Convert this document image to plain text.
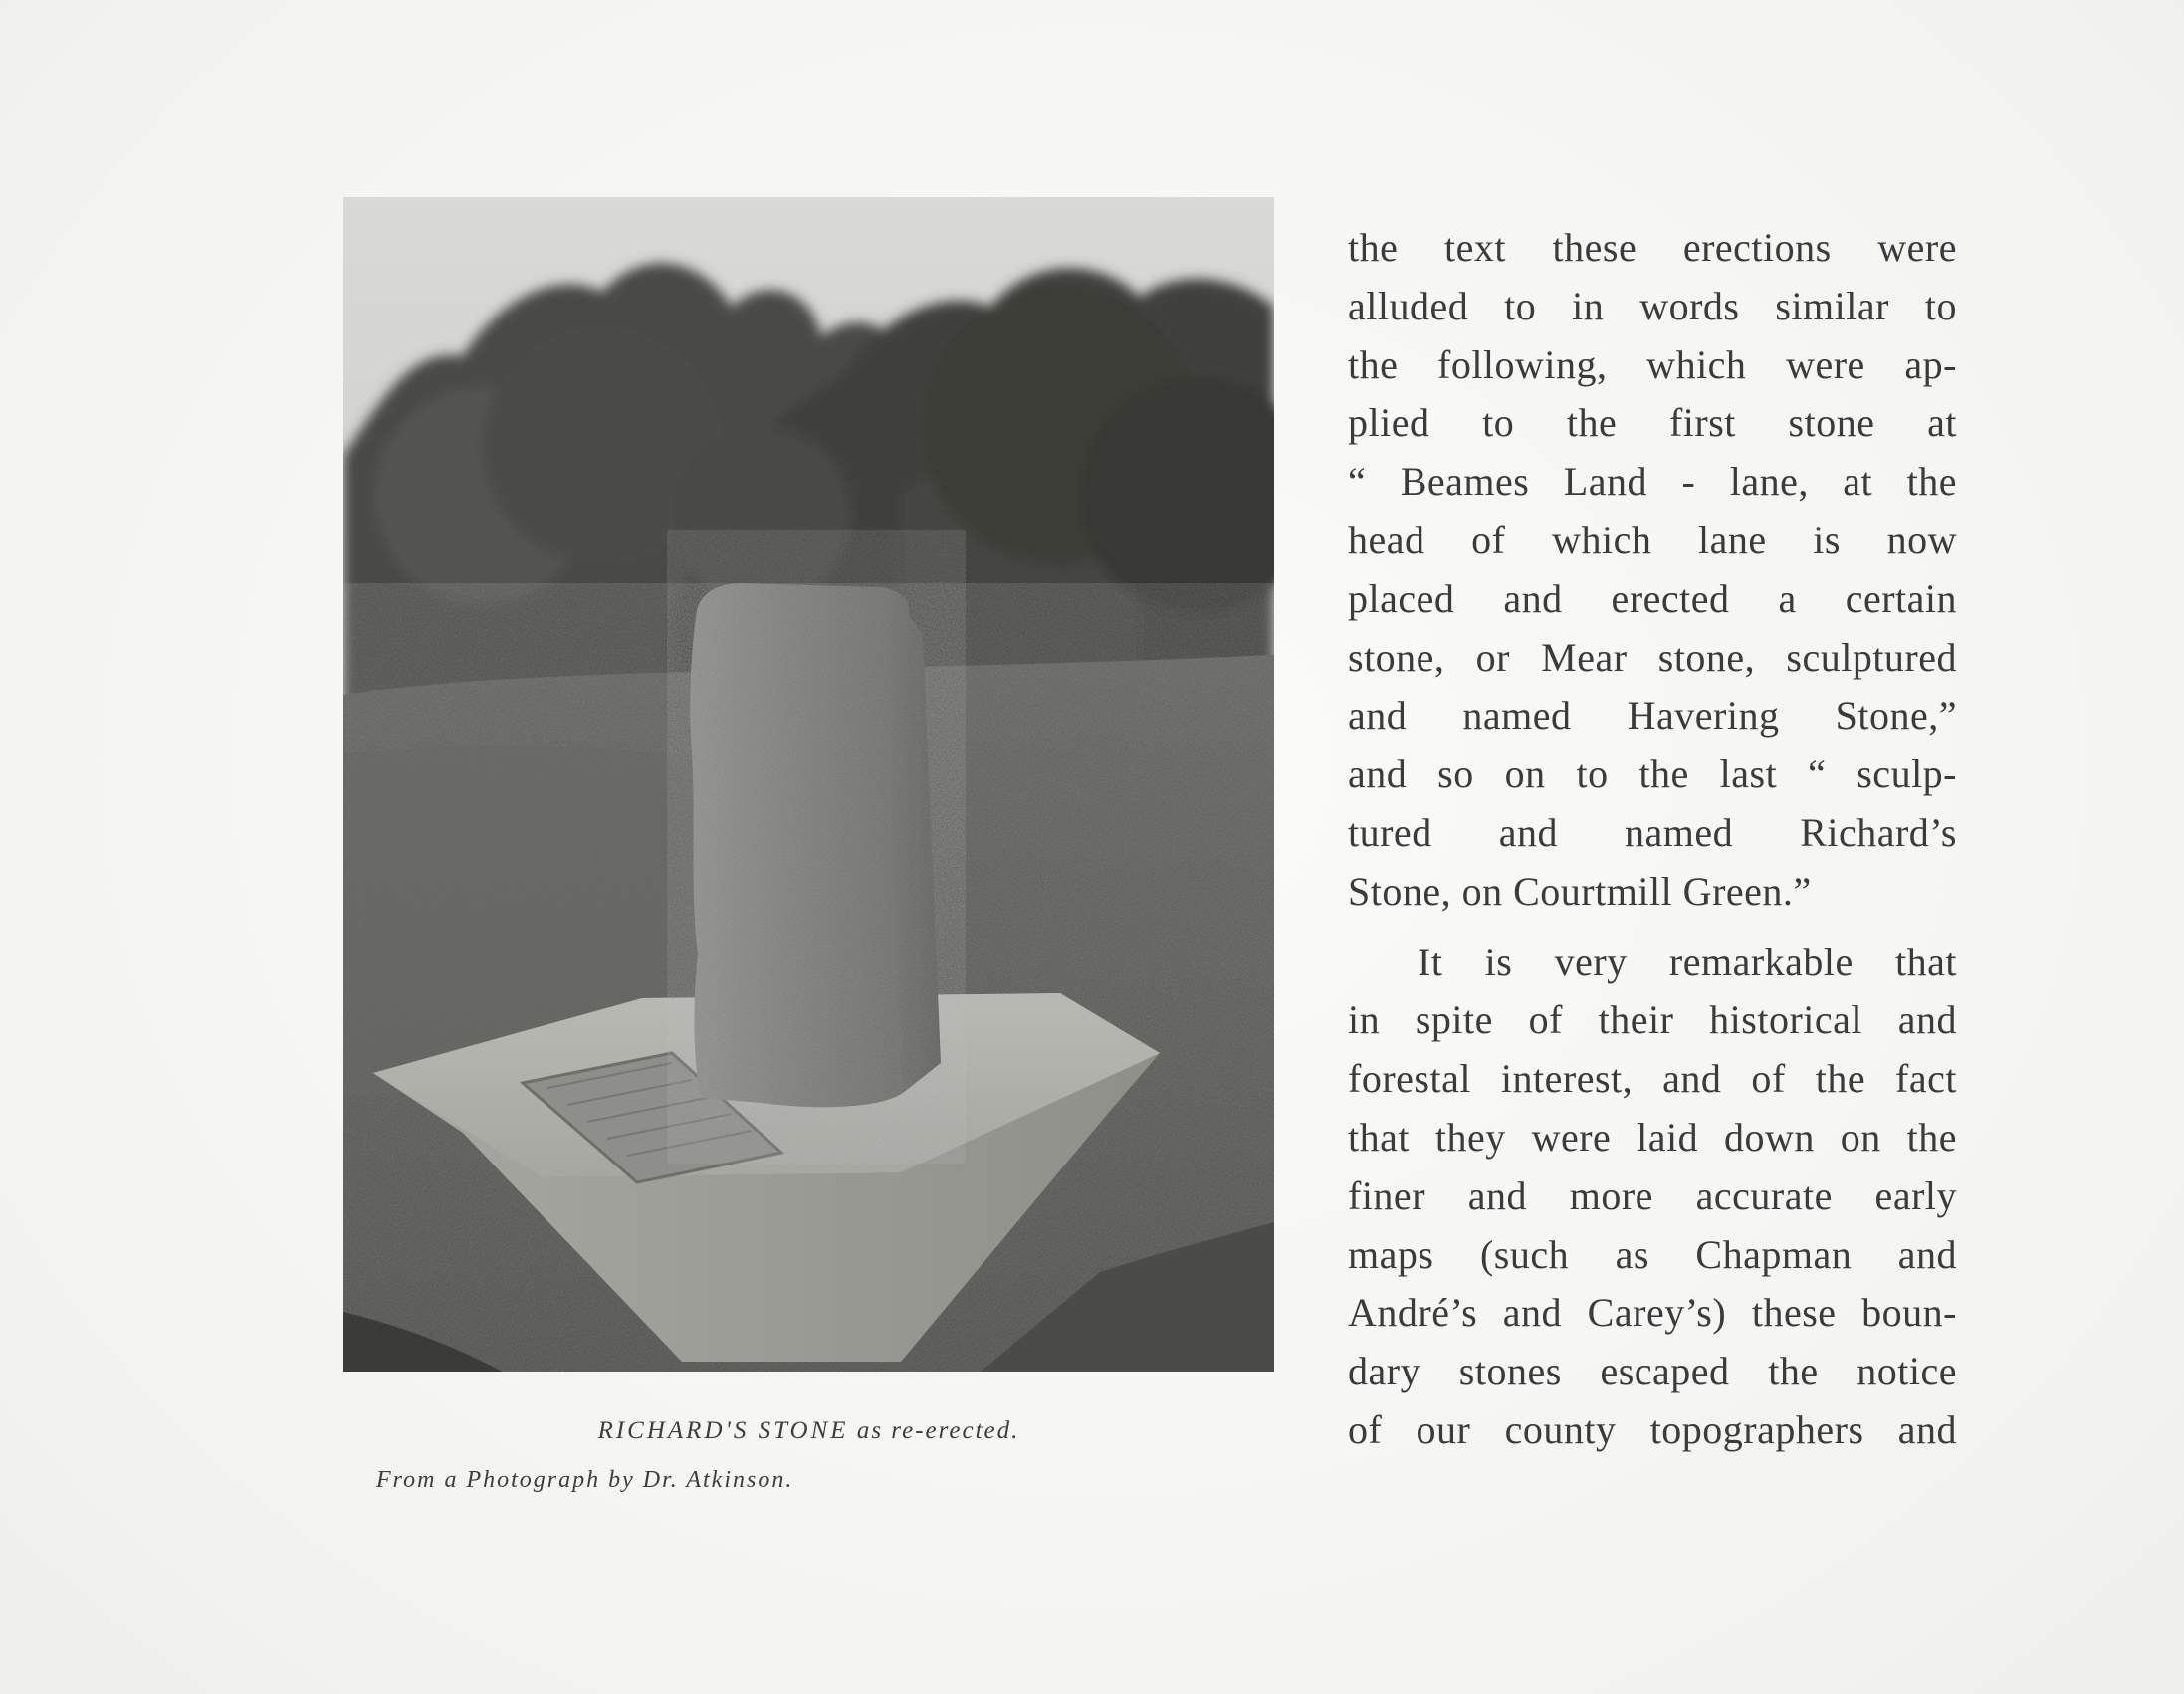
RICHARD'S STONE as re-erected.
From a Photograph by Dr. Atkinson.
the text these erections were
alluded to in words similar to
the following, which were ap-
plied to the first stone at
“ Beames Land - lane, at the
head of which lane is now
placed and erected a certain
stone, or Mear stone, sculptured
and named Havering Stone,”
and so on to the last “ sculp-
tured and named Richard’s
Stone, on Courtmill Green.”
It is very remarkable that
in spite of their historical and
forestal interest, and of the fact
that they were laid down on the
finer and more accurate early
maps (such as Chapman and
André’s and Carey’s) these boun-
dary stones escaped the notice
of our county topographers and
